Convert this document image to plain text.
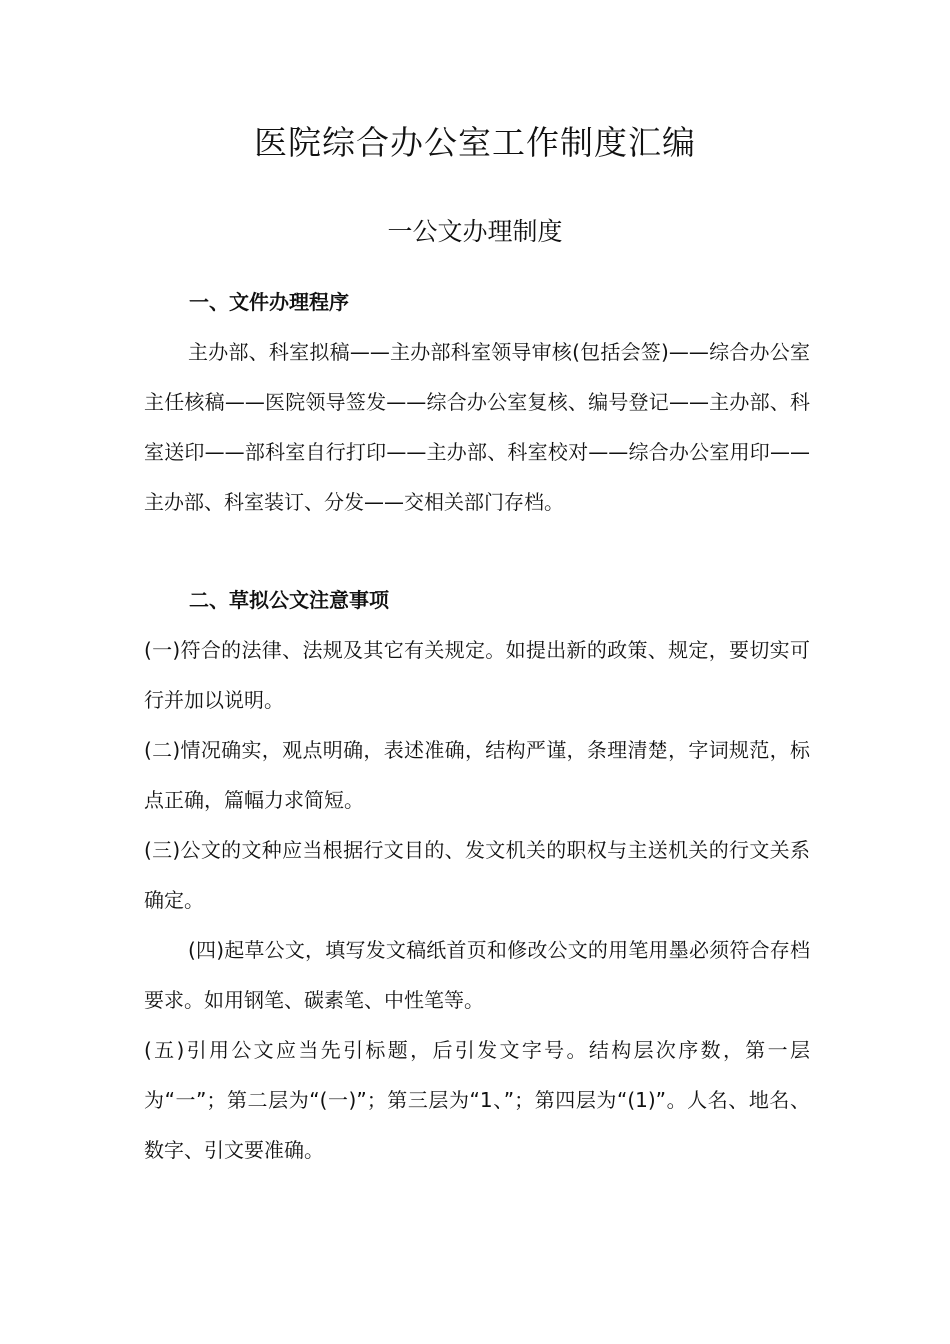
医院综合办公室工作制度汇编
一公文办理制度
一、文件办理程序
主办部、科室拟稿——主办部科室领导审核(包括会签)——综合办公室主任核稿——医院领导签发——综合办公室复核、编号登记——主办部、科室送印——部科室自行打印——主办部、科室校对——综合办公室用印——主办部、科室装订、分发——交相关部门存档。
二、草拟公文注意事项
(一)符合的法律、法规及其它有关规定。如提出新的政策、规定，要切实可行并加以说明。
(二)情况确实，观点明确，表述准确，结构严谨，条理清楚，字词规范，标点正确，篇幅力求简短。
(三)公文的文种应当根据行文目的、发文机关的职权与主送机关的行文关系确定。
(四)起草公文，填写发文稿纸首页和修改公文的用笔用墨必须符合存档要求。如用钢笔、碳素笔、中性笔等。
(五)引用公文应当先引标题，后引发文字号。结构层次序数，第一层为“一”；第二层为“(一)”；第三层为“1、”；第四层为“(1)”。人名、地名、数字、引文要准确。
